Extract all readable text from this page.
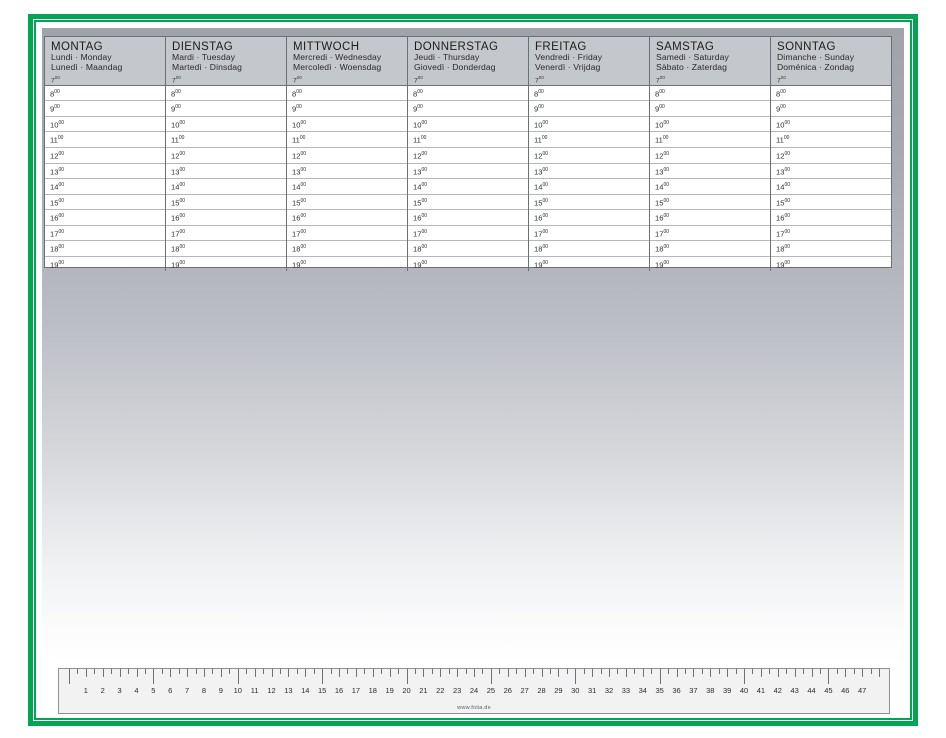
MONTAG
Lundi · Monday
Lunedì · Maandag
$7^{00}$
DIENSTAG
Mardi · Tuesday
Martedì · Dinsdag
$7^{00}$
MITTWOCH
Mercredi · Wednesday
Mercoledì · Woensdag
$7^{00}$
DONNERSTAG
Jeudi · Thursday
Giovedì · Donderdag
$7^{00}$
FREITAG
Vendredi · Friday
Venerdì · Vrijdag
$7^{00}$
SAMSTAG
Samedi · Saturday
Sàbato · Zaterdag
$7^{00}$
SONNTAG
Dimanche · Sunday
Doménica · Zondag
$7^{00}$
$8^{00}$
$9^{00}$
$10^{00}$
$11^{00}$
$12^{00}$
$13^{00}$
$14^{00}$
$15^{00}$
$16^{00}$
$17^{00}$
$18^{00}$
$19^{00}$
$8^{00}$
$9^{00}$
$10^{00}$
$11^{00}$
$12^{00}$
$13^{00}$
$14^{00}$
$15^{00}$
$16^{00}$
$17^{00}$
$18^{00}$
$19^{00}$
$8^{00}$
$9^{00}$
$10^{00}$
$11^{00}$
$12^{00}$
$13^{00}$
$14^{00}$
$15^{00}$
$16^{00}$
$17^{00}$
$18^{00}$
$19^{00}$
$8^{00}$
$9^{00}$
$10^{00}$
$11^{00}$
$12^{00}$
$13^{00}$
$14^{00}$
$15^{00}$
$16^{00}$
$17^{00}$
$18^{00}$
$19^{00}$
$8^{00}$
$9^{00}$
$10^{00}$
$11^{00}$
$12^{00}$
$13^{00}$
$14^{00}$
$15^{00}$
$16^{00}$
$17^{00}$
$18^{00}$
$19^{00}$
$8^{00}$
$9^{00}$
$10^{00}$
$11^{00}$
$12^{00}$
$13^{00}$
$14^{00}$
$15^{00}$
$16^{00}$
$17^{00}$
$18^{00}$
$19^{00}$
$8^{00}$
$9^{00}$
$10^{00}$
$11^{00}$
$12^{00}$
$13^{00}$
$14^{00}$
$15^{00}$
$16^{00}$
$17^{00}$
$18^{00}$
$19^{00}$
1 2 3 4 5 6 7 8 9 10 11 12 13 14 15 16 17 18 19 20 21 22 23 24 25 26 27 28 29 30 31 32 33 34 35 36 37 38 39 40 41 42 43 44 45 46 47
www.folia.de
